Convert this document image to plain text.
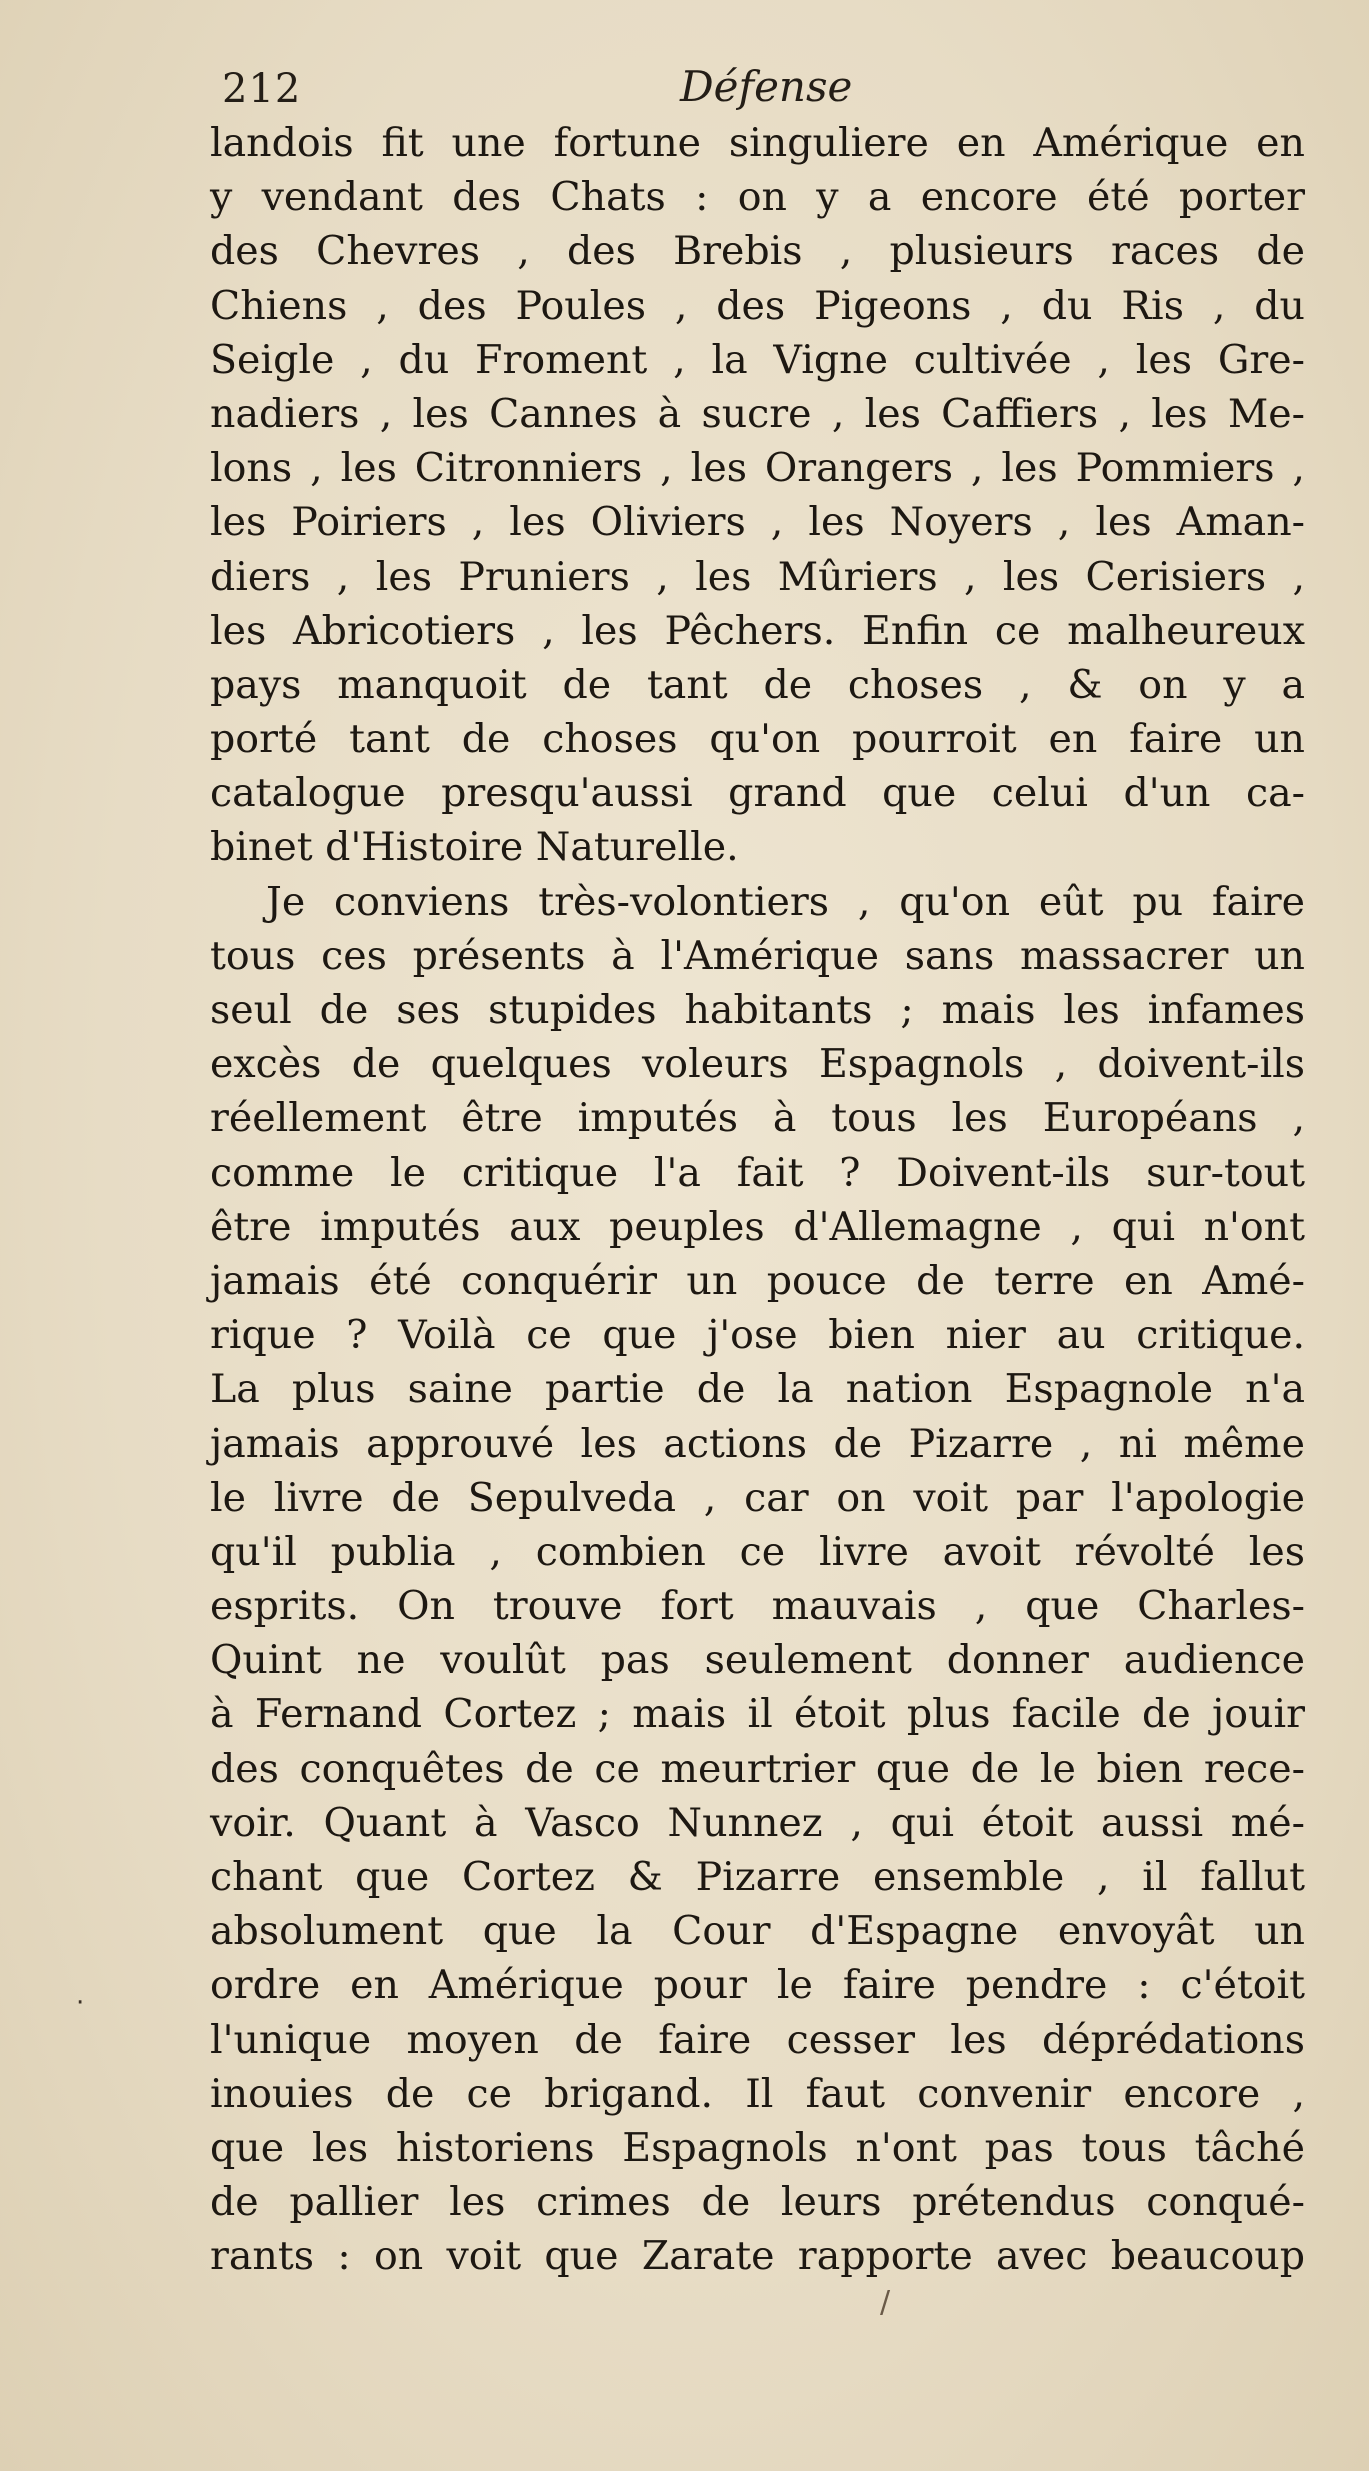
212	Défense
landois fit une fortune singuliere en Amérique en
y vendant des Chats : on y a encore été porter
des Chevres , des Brebis , plusieurs races de
Chiens , des Poules , des Pigeons , du Ris , du
Seigle , du Froment , la Vigne cultivée , les Gre-
nadiers , les Cannes à sucre , les Caffiers , les Me-
lons , les Citronniers , les Orangers , les Pommiers ,
les Poiriers , les Oliviers , les Noyers , les Aman-
diers , les Pruniers , les Mûriers , les Cerisiers ,
les Abricotiers , les Pêchers. Enfin ce malheureux
pays manquoit de tant de choses , & on y a
porté tant de choses qu'on pourroit en faire un
catalogue presqu'aussi grand que celui d'un ca-
binet d'Histoire Naturelle.
Je conviens très-volontiers , qu'on eût pu faire
tous ces présents à l'Amérique sans massacrer un
seul de ses stupides habitants ; mais les infames
excès de quelques voleurs Espagnols , doivent-ils
réellement être imputés à tous les Européans ,
comme le critique l'a fait ? Doivent-ils sur-tout
être imputés aux peuples d'Allemagne , qui n'ont
jamais été conquérir un pouce de terre en Amé-
rique ? Voilà ce que j'ose bien nier au critique.
La plus saine partie de la nation Espagnole n'a
jamais approuvé les actions de Pizarre , ni même
le livre de Sepulveda , car on voit par l'apologie
qu'il publia , combien ce livre avoit révolté les
esprits. On trouve fort mauvais , que Charles-
Quint ne voulût pas seulement donner audience
à Fernand Cortez ; mais il étoit plus facile de jouir
des conquêtes de ce meurtrier que de le bien rece-
voir. Quant à Vasco Nunnez , qui étoit aussi mé-
chant que Cortez & Pizarre ensemble , il fallut
absolument que la Cour d'Espagne envoyât un
ordre en Amérique pour le faire pendre : c'étoit
l'unique moyen de faire cesser les déprédations
inouies de ce brigand. Il faut convenir encore ,
que les historiens Espagnols n'ont pas tous tâché
de pallier les crimes de leurs prétendus conqué-
rants : on voit que Zarate rapporte avec beaucoup
·
/
